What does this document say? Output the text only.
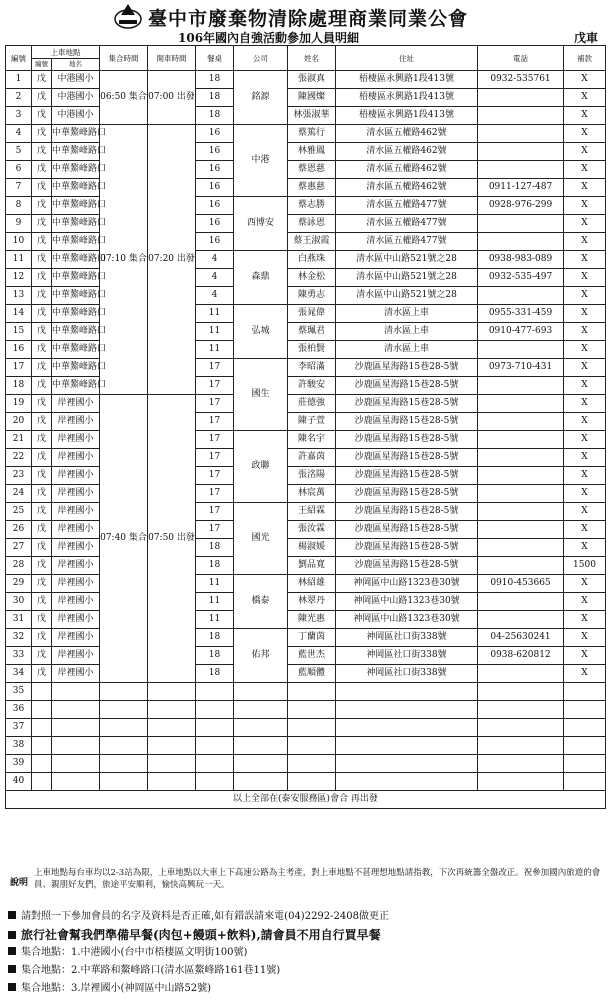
臺中市廢棄物清除處理商業同業公會
106年國內自強活動參加人員明細	戊車
編號	上車地點		集合時間	開車時間	餐桌	公司	姓名	住址	電話	補款
	編號	地名								
1	戊	中港國小	06:50 集合	07:00 出發	18	銘源	張淑真	梧棲區永興路1段413號	0932-535761	X
2	戊	中港國小			18		陳國燦	梧棲區永興路1段413號		X
3	戊	中港國小			18		林張淑華	梧棲區永興路1段413號		X
4	戊	中華鰲峰路口	07:10 集合	07:20 出發	16	中港	蔡篤行	清水區五權路462號		X
5	戊	中華鰲峰路口			16		林雅鳳	清水區五權路462號		X
6	戊	中華鰲峰路口			16		蔡恩慈	清水區五權路462號		X
7	戊	中華鰲峰路口			16		蔡惠慈	清水區五權路462號	0911-127-487	X
8	戊	中華鰲峰路口			16	西博安	蔡志勝	清水區五權路477號	0928-976-299	X
9	戊	中華鰲峰路口			16		蔡詠恩	清水區五權路477號		X
10	戊	中華鰲峰路口			16		蔡王淑霞	清水區五權路477號		X
11	戊	中華鰲峰路口			4	森鼎	白燕珠	清水區中山路521號之28	0938-983-089	X
12	戊	中華鰲峰路口			4		林金松	清水區中山路521號之28	0932-535-497	X
13	戊	中華鰲峰路口			4		陳勇志	清水區中山路521號之28		X
14	戊	中華鰲峰路口			11	弘城	張晁偉	清水區上車	0955-331-459	X
15	戊	中華鰲峰路口			11		蔡珮君	清水區上車	0910-477-693	X
16	戊	中華鰲峰路口			11		張柏賢	清水區上車		X
17	戊	中華鰲峰路口			17	國生	李昭滿	沙鹿區星海路15巷28-5號	0973-710-431	X
18	戊	中華鰲峰路口			17		許駿安	沙鹿區星海路15巷28-5號		X
19	戊	岸裡國小	07:40 集合	07:50 出發	17		莊德強	沙鹿區星海路15巷28-5號		X
20	戊	岸裡國小			17		陳子萱	沙鹿區星海路15巷28-5號		X
21	戊	岸裡國小			17	政聯	陳名宇	沙鹿區星海路15巷28-5號		X
22	戊	岸裡國小			17		許嘉茵	沙鹿區星海路15巷28-5號		X
23	戊	岸裡國小			17		張洺陽	沙鹿區星海路15巷28-5號		X
24	戊	岸裡國小			17		林宸萬	沙鹿區星海路15巷28-5號		X
25	戊	岸裡國小			17	國光	王紹霖	沙鹿區星海路15巷28-5號		X
26	戊	岸裡國小			17		張汝霖	沙鹿區星海路15巷28-5號		X
27	戊	岸裡國小			18		楊淑媛	沙鹿區星海路15巷28-5號		X
28	戊	岸裡國小			18		劉品寬	沙鹿區星海路15巷28-5號		1500
29	戊	岸裡國小			11	橋泰	林紹雄	神岡區中山路1323巷30號	0910-453665	X
30	戊	岸裡國小			11		林翠丹	神岡區中山路1323巷30號		X
31	戊	岸裡國小			11		陳光惠	神岡區中山路1323巷30號		X
32	戊	岸裡國小			18	佑邦	丁蘭茵	神岡區社口街338號	04-25630241	X
33	戊	岸裡國小			18		藍世杰	神岡區社口街338號	0938-620812	X
34	戊	岸裡國小			18		藍順體	神岡區社口街338號		X
35										
36										
37										
38										
39										
40										
以上全部在(泰安服務區)會合 再出發										
說明
上車地點每台車均以2-3站為限，上車地點以大車上下高速公路為主考產，對上車地點不甚理想地點請指教，下次再統籌全盤改正。祝參加國內旅遊的會員、親朋好友們，旅途平安順利，愉快高興玩一天。
請對照一下參加會員的名字及資料是否正確,如有錯誤請來電(04)2292-2408做更正
旅行社會幫我們準備早餐(肉包+饅頭+飲料),請會員不用自行買早餐
集合地點：1.中港國小(台中市梧棲區文明街100號)
集合地點：2.中華路和鰲峰路口(清水區鰲峰路161巷11號)
集合地點：3.岸裡國小(神岡區中山路52號)
